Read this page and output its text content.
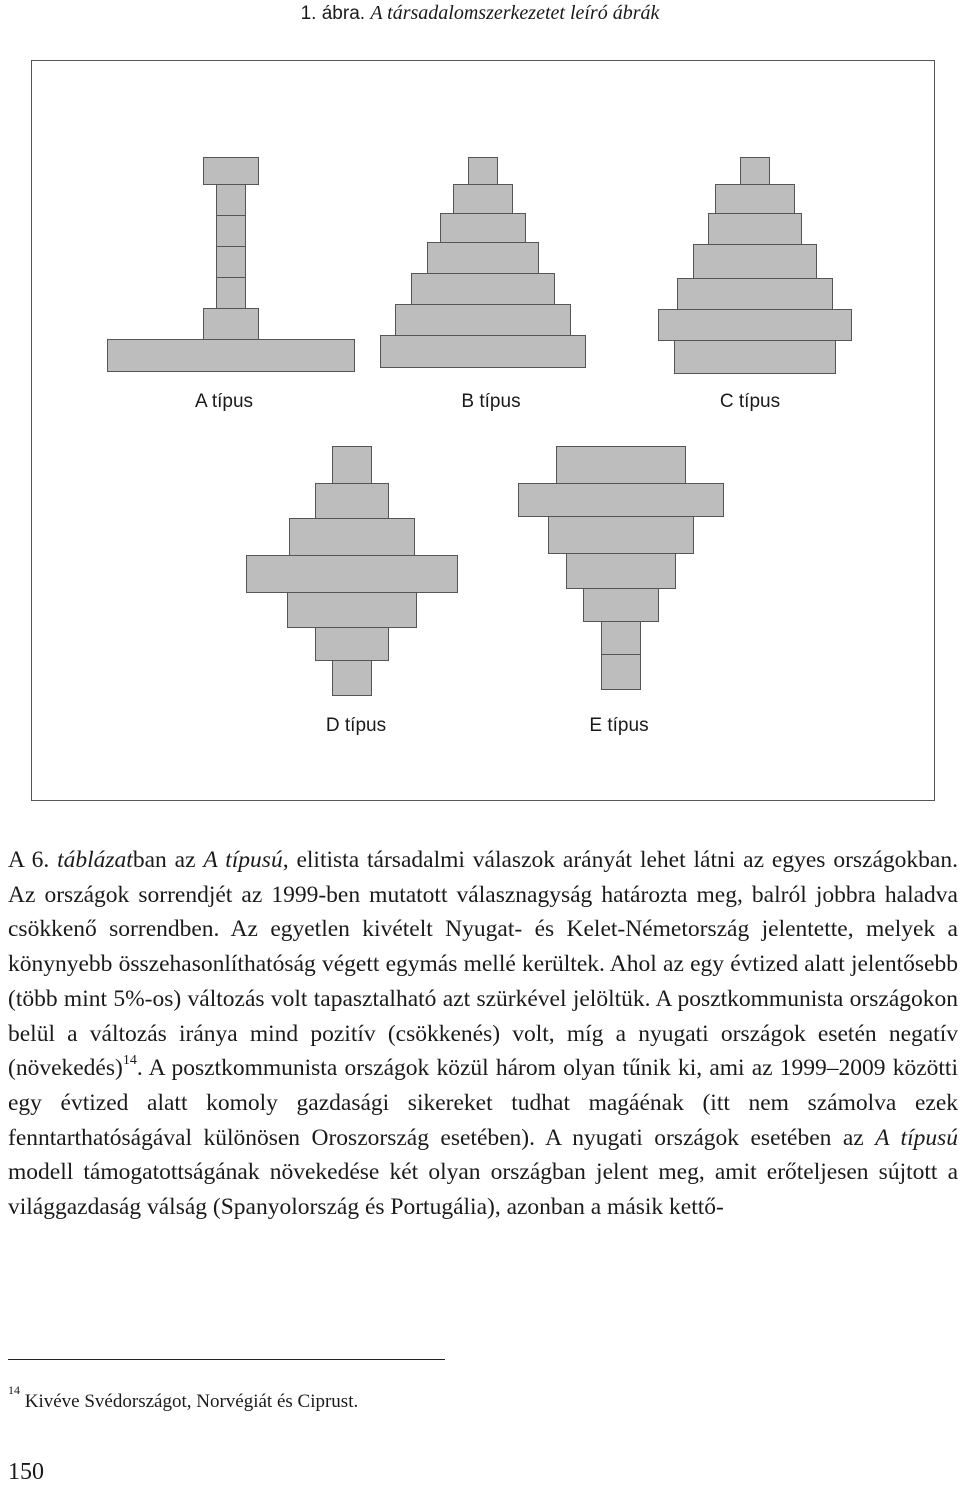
1. ábra. A társadalomszerkezetet leíró ábrák
A típus	B típus	C típus
D típus	E típus

A 6. táblázatban az A típusú, elitista társadalmi válaszok arányát lehet látni az egyes országokban. Az országok sorrendjét az 1999-ben mutatott válasznagyság határozta meg, balról jobbra haladva csökkenő sorrendben. Az egyetlen kivételt Nyugat- és Kelet-Németország jelentette, melyek a könynyebb összehasonlíthatóság végett egymás mellé kerültek. Ahol az egy évtized alatt jelentősebb (több mint 5%-os) változás volt tapasztalható azt szürkével jelöltük. A posztkommunista országokon belül a változás iránya mind pozitív (csökkenés) volt, míg a nyugati országok esetén negatív (növekedés)$^{14}$. A posztkommunista országok közül három olyan tűnik ki, ami az 1999–2009 közötti egy évtized alatt komoly gazdasági sikereket tudhat magáénak (itt nem számolva ezek fenntarthatóságával különösen Oroszország esetében). A nyugati országok esetében az A típusú modell támogatottságának növekedése két olyan országban jelent meg, amit erőteljesen sújtott a világgazdaság válság (Spanyolország és Portugália), azonban a másik kettő-

$^{14}$ Kivéve Svédországot, Norvégiát és Ciprust.
150
